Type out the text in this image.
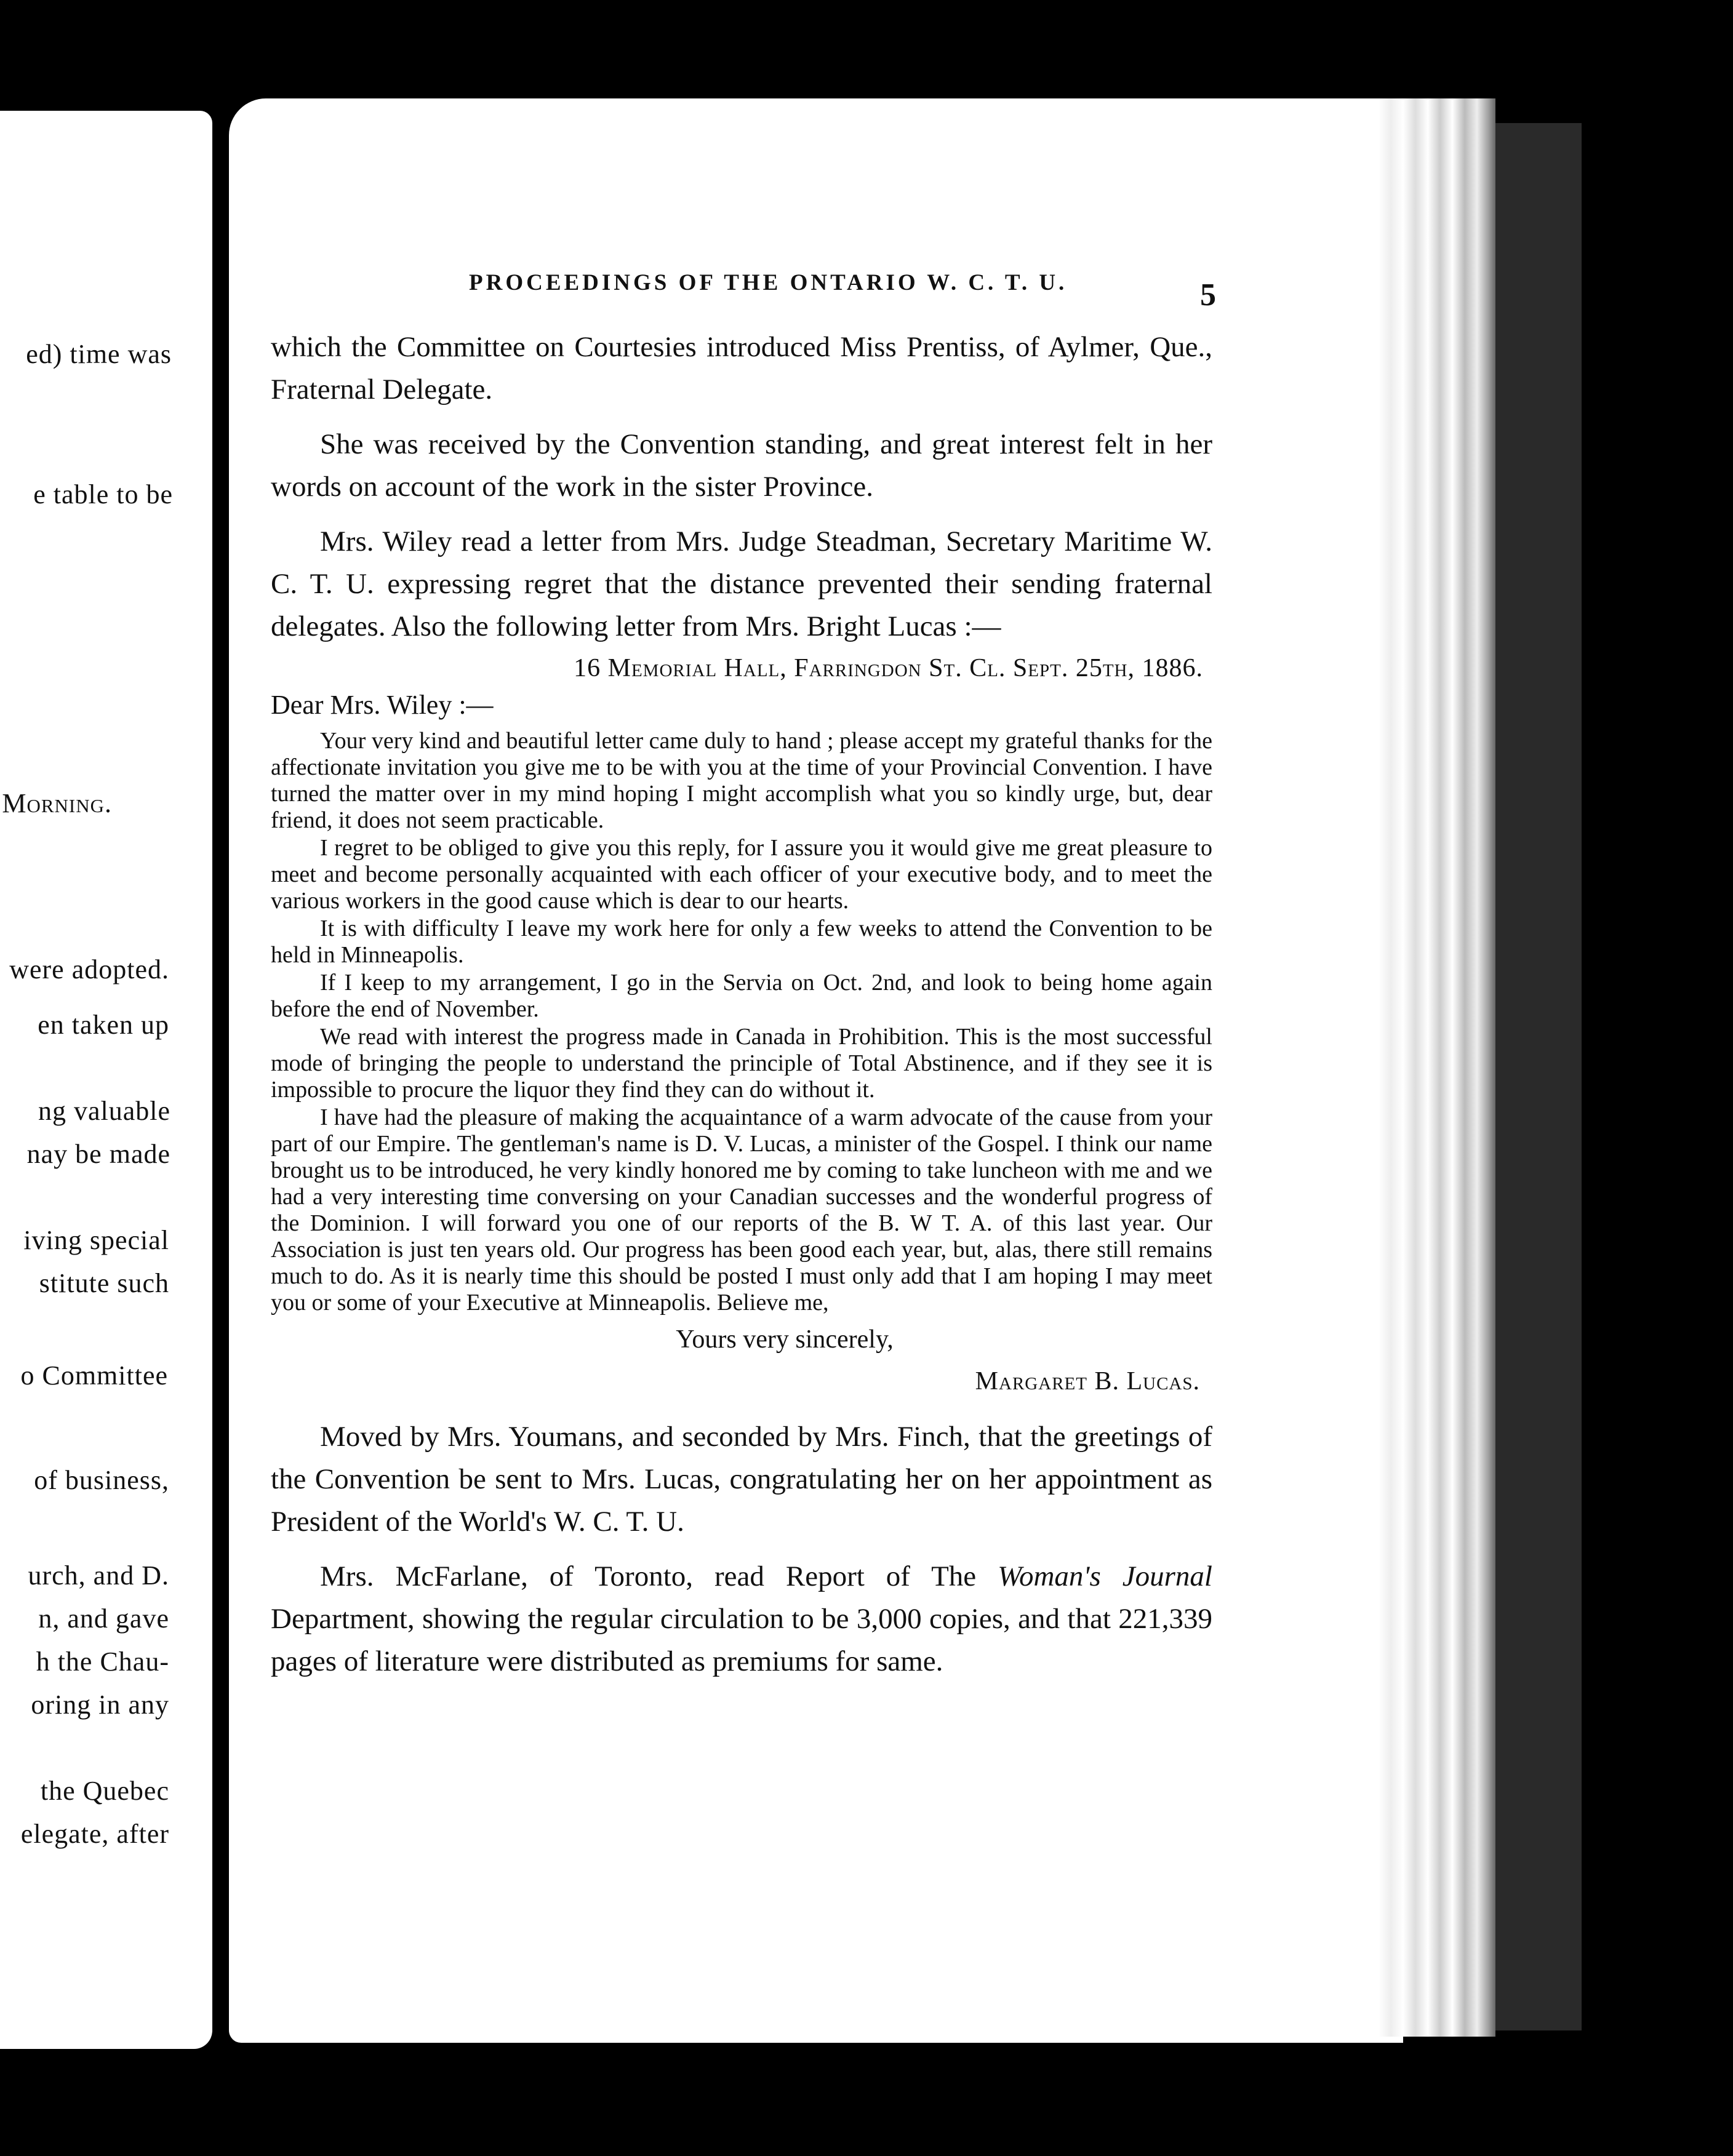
ed) time was
e table to be
Morning.
were adopted.
en taken up
ng valuable
nay be made
iving special
stitute such
o Committee
of business,
urch, and D.
n, and gave
h the Chau-
oring in any
the Quebec
elegate, after
PROCEEDINGS OF THE ONTARIO W. C. T. U.	5

which the Committee on Courtesies introduced Miss Prentiss, of Aylmer, Que., Fraternal Delegate.

She was received by the Convention standing, and great interest felt in her words on account of the work in the sister Province.

Mrs. Wiley read a letter from Mrs. Judge Steadman, Secretary Maritime W. C. T. U. expressing regret that the distance prevented their sending fraternal delegates. Also the following letter from Mrs. Bright Lucas :—

16 Memorial Hall, Farringdon St. Cl. Sept. 25th, 1886.

Dear Mrs. Wiley :—

Your very kind and beautiful letter came duly to hand ; please accept my grateful thanks for the affectionate invitation you give me to be with you at the time of your Provincial Convention. I have turned the matter over in my mind hoping I might accomplish what you so kindly urge, but, dear friend, it does not seem practicable.

I regret to be obliged to give you this reply, for I assure you it would give me great pleasure to meet and become personally acquainted with each officer of your executive body, and to meet the various workers in the good cause which is dear to our hearts.

It is with difficulty I leave my work here for only a few weeks to attend the Convention to be held in Minneapolis.

If I keep to my arrangement, I go in the Servia on Oct. 2nd, and look to being home again before the end of November.

We read with interest the progress made in Canada in Prohibition. This is the most successful mode of bringing the people to understand the principle of Total Abstinence, and if they see it is impossible to procure the liquor they find they can do without it.

I have had the pleasure of making the acquaintance of a warm advocate of the cause from your part of our Empire. The gentleman's name is D. V. Lucas, a minister of the Gospel. I think our name brought us to be introduced, he very kindly honored me by coming to take luncheon with me and we had a very interesting time conversing on your Canadian successes and the wonderful progress of the Dominion. I will forward you one of our reports of the B. W T. A. of this last year. Our Association is just ten years old. Our progress has been good each year, but, alas, there still remains much to do. As it is nearly time this should be posted I must only add that I am hoping I may meet you or some of your Executive at Minneapolis. Believe me,

Yours very sincerely,

Margaret B. Lucas.

Moved by Mrs. Youmans, and seconded by Mrs. Finch, that the greetings of the Convention be sent to Mrs. Lucas, congratulating her on her appointment as President of the World's W. C. T. U.

Mrs. McFarlane, of Toronto, read Report of The Woman's Journal Department, showing the regular circulation to be 3,000 copies, and that 221,339 pages of literature were distributed as premiums for same.
